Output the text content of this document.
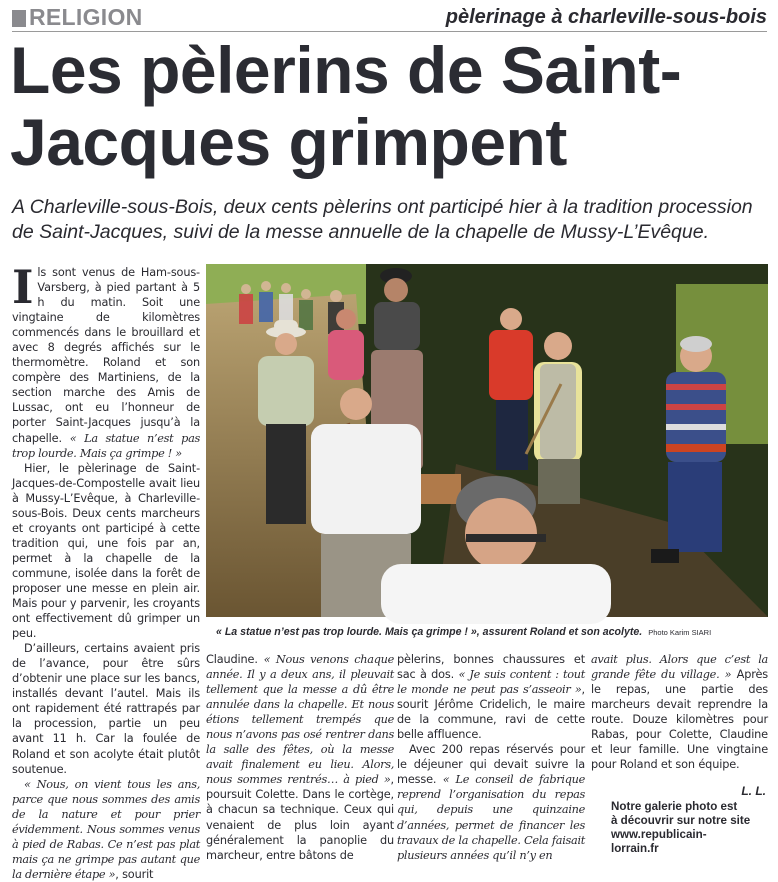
RELIGION	pèlerinage à charleville-sous-bois
Les pèlerins de Saint-
Jacques grimpent

A Charleville-sous-Bois, deux cents pèlerins ont participé hier à la tradition procession de Saint-Jacques, suivi de la messe annuelle de la chapelle de Mussy-L’Evêque.

Ils sont venus de Ham-sous-Varsberg, à pied partant à 5 h du matin. Soit une vingtaine de kilomètres commencés dans le brouillard et avec 8 degrés affichés sur le thermomètre. Roland et son compère des Martiniens, de la section marche des Amis de Lussac, ont eu l’honneur de porter Saint-Jacques jusqu’à la chapelle. « La statue n’est pas trop lourde. Mais ça grimpe ! »

Hier, le pèlerinage de Saint-Jacques-de-Compostelle avait lieu à Mussy-L’Evêque, à Charleville-sous-Bois. Deux cents marcheurs et croyants ont participé à cette tradition qui, une fois par an, permet à la chapelle de la commune, isolée dans la forêt de proposer une messe en plein air. Mais pour y parvenir, les croyants ont effectivement dû grimper un peu.

D’ailleurs, certains avaient pris de l’avance, pour être sûrs d’obtenir une place sur les bancs, installés devant l’autel. Mais ils ont rapidement été rattrapés par la procession, partie un peu avant 11 h. Car la foulée de Roland et son acolyte était plutôt soutenue.

« Nous, on vient tous les ans, parce que nous sommes des amis de la nature et pour prier évidemment. Nous sommes venus à pied de Rabas. Ce n’est pas plat mais ça ne grimpe pas autant que la dernière étape », sourit

« La statue n’est pas trop lourde. Mais ça grimpe ! », assurent Roland et son acolyte. Photo Karim SIARI

Claudine. « Nous venons chaque année. Il y a deux ans, il pleuvait tellement que la messe a dû être annulée dans la chapelle. Et nous étions tellement trempés que nous n’avons pas osé rentrer dans la salle des fêtes, où la messe avait finalement eu lieu. Alors, nous sommes rentrés… à pied », poursuit Colette. Dans le cortège, à chacun sa technique. Ceux qui venaient de plus loin ayant généralement la panoplie du marcheur, entre bâtons de

pèlerins, bonnes chaussures et sac à dos. « Je suis content : tout le monde ne peut pas s’asseoir », sourit Jérôme Cridelich, le maire de la commune, ravi de cette belle affluence.

Avec 200 repas réservés pour le déjeuner qui devait suivre la messe. « Le conseil de fabrique reprend l’organisation du repas qui, depuis une quinzaine d’années, permet de financer les travaux de la chapelle. Cela faisait plusieurs années qu’il n’y en

avait plus. Alors que c’est la grande fête du village. » Après le repas, une partie des marcheurs devait reprendre la route. Douze kilomètres pour Rabas, pour Colette, Claudine et leur famille. Une vingtaine pour Roland et son équipe.

L. L.
Notre galerie photo est
à découvrir sur notre site
www.republicain-
lorrain.fr
